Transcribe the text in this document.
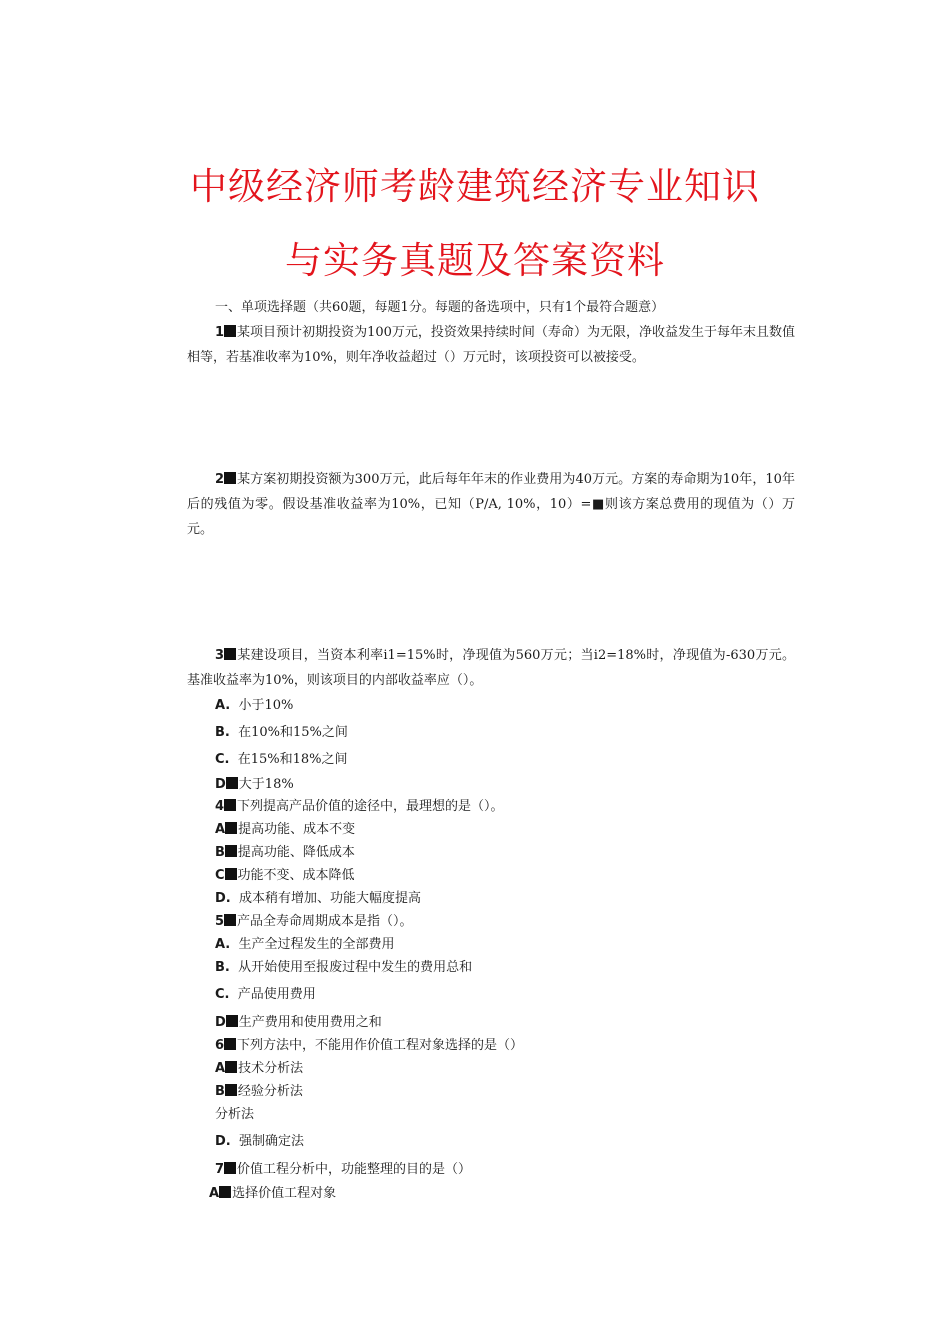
中级经济师考龄建筑经济专业知识
与实务真题及答案资料

一、单项选择题（共60题，每题1分。每题的备选项中，只有1个最符合题意）

1 某项目预计初期投资为100万元，投资效果持续时间（寿命）为无限，净收益发生于每年末且数值相等，若基准收率为10%，则年净收益超过（）万元时，该项投资可以被接受。

2 某方案初期投资额为300万元，此后每年年末的作业费用为40万元。方案的寿命期为10年，10年后的残值为零。假设基准收益率为10%，已知（P/A, 10%，10）=■则该方案总费用的现值为（）万元。

3 某建设项目，当资本利率i1=15%时，净现值为560万元；当i2=18%时，净现值为-630万元。基准收益率为10%，则该项目的内部收益率应（）。

A. 小于10%

B. 在10%和15%之间

C. 在15%和18%之间

D 大于18%

4 下列提高产品价值的途径中，最理想的是（）。

A 提高功能、成本不变

B 提高功能、降低成本

C 功能不变、成本降低

D. 成本稍有增加、功能大幅度提高

5 产品全寿命周期成本是指（）。

A. 生产全过程发生的全部费用

B. 从开始使用至报废过程中发生的费用总和

C. 产品使用费用

D 生产费用和使用费用之和

6 下列方法中，不能用作价值工程对象选择的是（）

A 技术分析法

B 经验分析法

分析法

D. 强制确定法

7 价值工程分析中，功能整理的目的是（）

A 选择价值工程对象
